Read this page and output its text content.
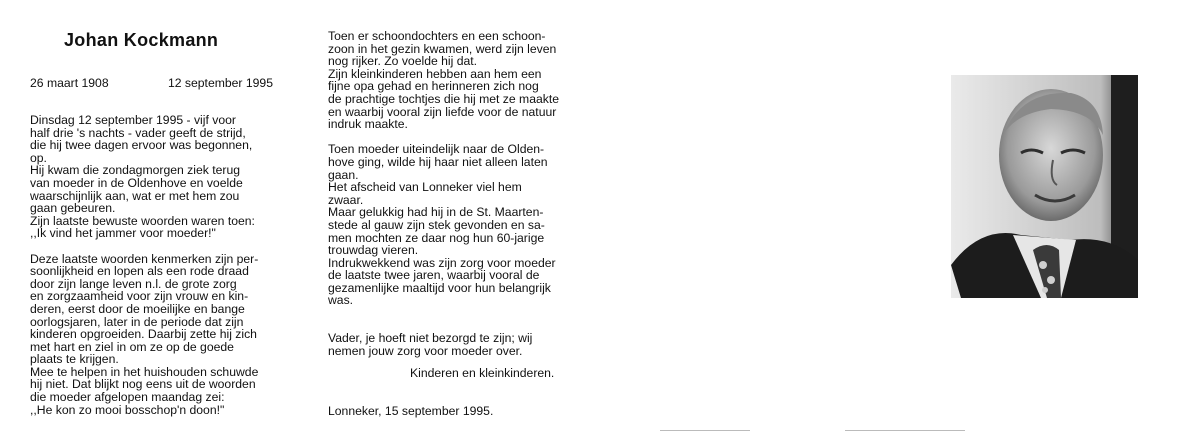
Johan Kockmann
26 maart 1908	12 september 1995
Dinsdag 12 september 1995 - vijf voor
half drie 's nachts - vader geeft de strijd,
die hij twee dagen ervoor was begonnen,
op.
Hij kwam die zondagmorgen ziek terug
van moeder in de Oldenhove en voelde
waarschijnlijk aan, wat er met hem zou
gaan gebeuren.
Zijn laatste bewuste woorden waren toen:
,,Ik vind het jammer voor moeder!"
Deze laatste woorden kenmerken zijn per-
soonlijkheid en lopen als een rode draad
door zijn lange leven n.l. de grote zorg
en zorgzaamheid voor zijn vrouw en kin-
deren, eerst door de moeilijke en bange
oorlogsjaren, later in de periode dat zijn
kinderen opgroeiden. Daarbij zette hij zich
met hart en ziel in om ze op de goede
plaats te krijgen.
Mee te helpen in het huishouden schuwde
hij niet. Dat blijkt nog eens uit de woorden
die moeder afgelopen maandag zei:
,,He kon zo mooi bosschop'n doon!"
Toen er schoondochters en een schoon-
zoon in het gezin kwamen, werd zijn leven
nog rijker. Zo voelde hij dat.
Zijn kleinkinderen hebben aan hem een
fijne opa gehad en herinneren zich nog
de prachtige tochtjes die hij met ze maakte
en waarbij vooral zijn liefde voor de natuur
indruk maakte.
Toen moeder uiteindelijk naar de Olden-
hove ging, wilde hij haar niet alleen laten
gaan.
Het afscheid van Lonneker viel hem
zwaar.
Maar gelukkig had hij in de St. Maarten-
stede al gauw zijn stek gevonden en sa-
men mochten ze daar nog hun 60-jarige
trouwdag vieren.
Indrukwekkend was zijn zorg voor moeder
de laatste twee jaren, waarbij vooral de
gezamenlijke maaltijd voor hun belangrijk
was.
Vader, je hoeft niet bezorgd te zijn; wij
nemen jouw zorg voor moeder over.
Kinderen en kleinkinderen.
Lonneker, 15 september 1995.
